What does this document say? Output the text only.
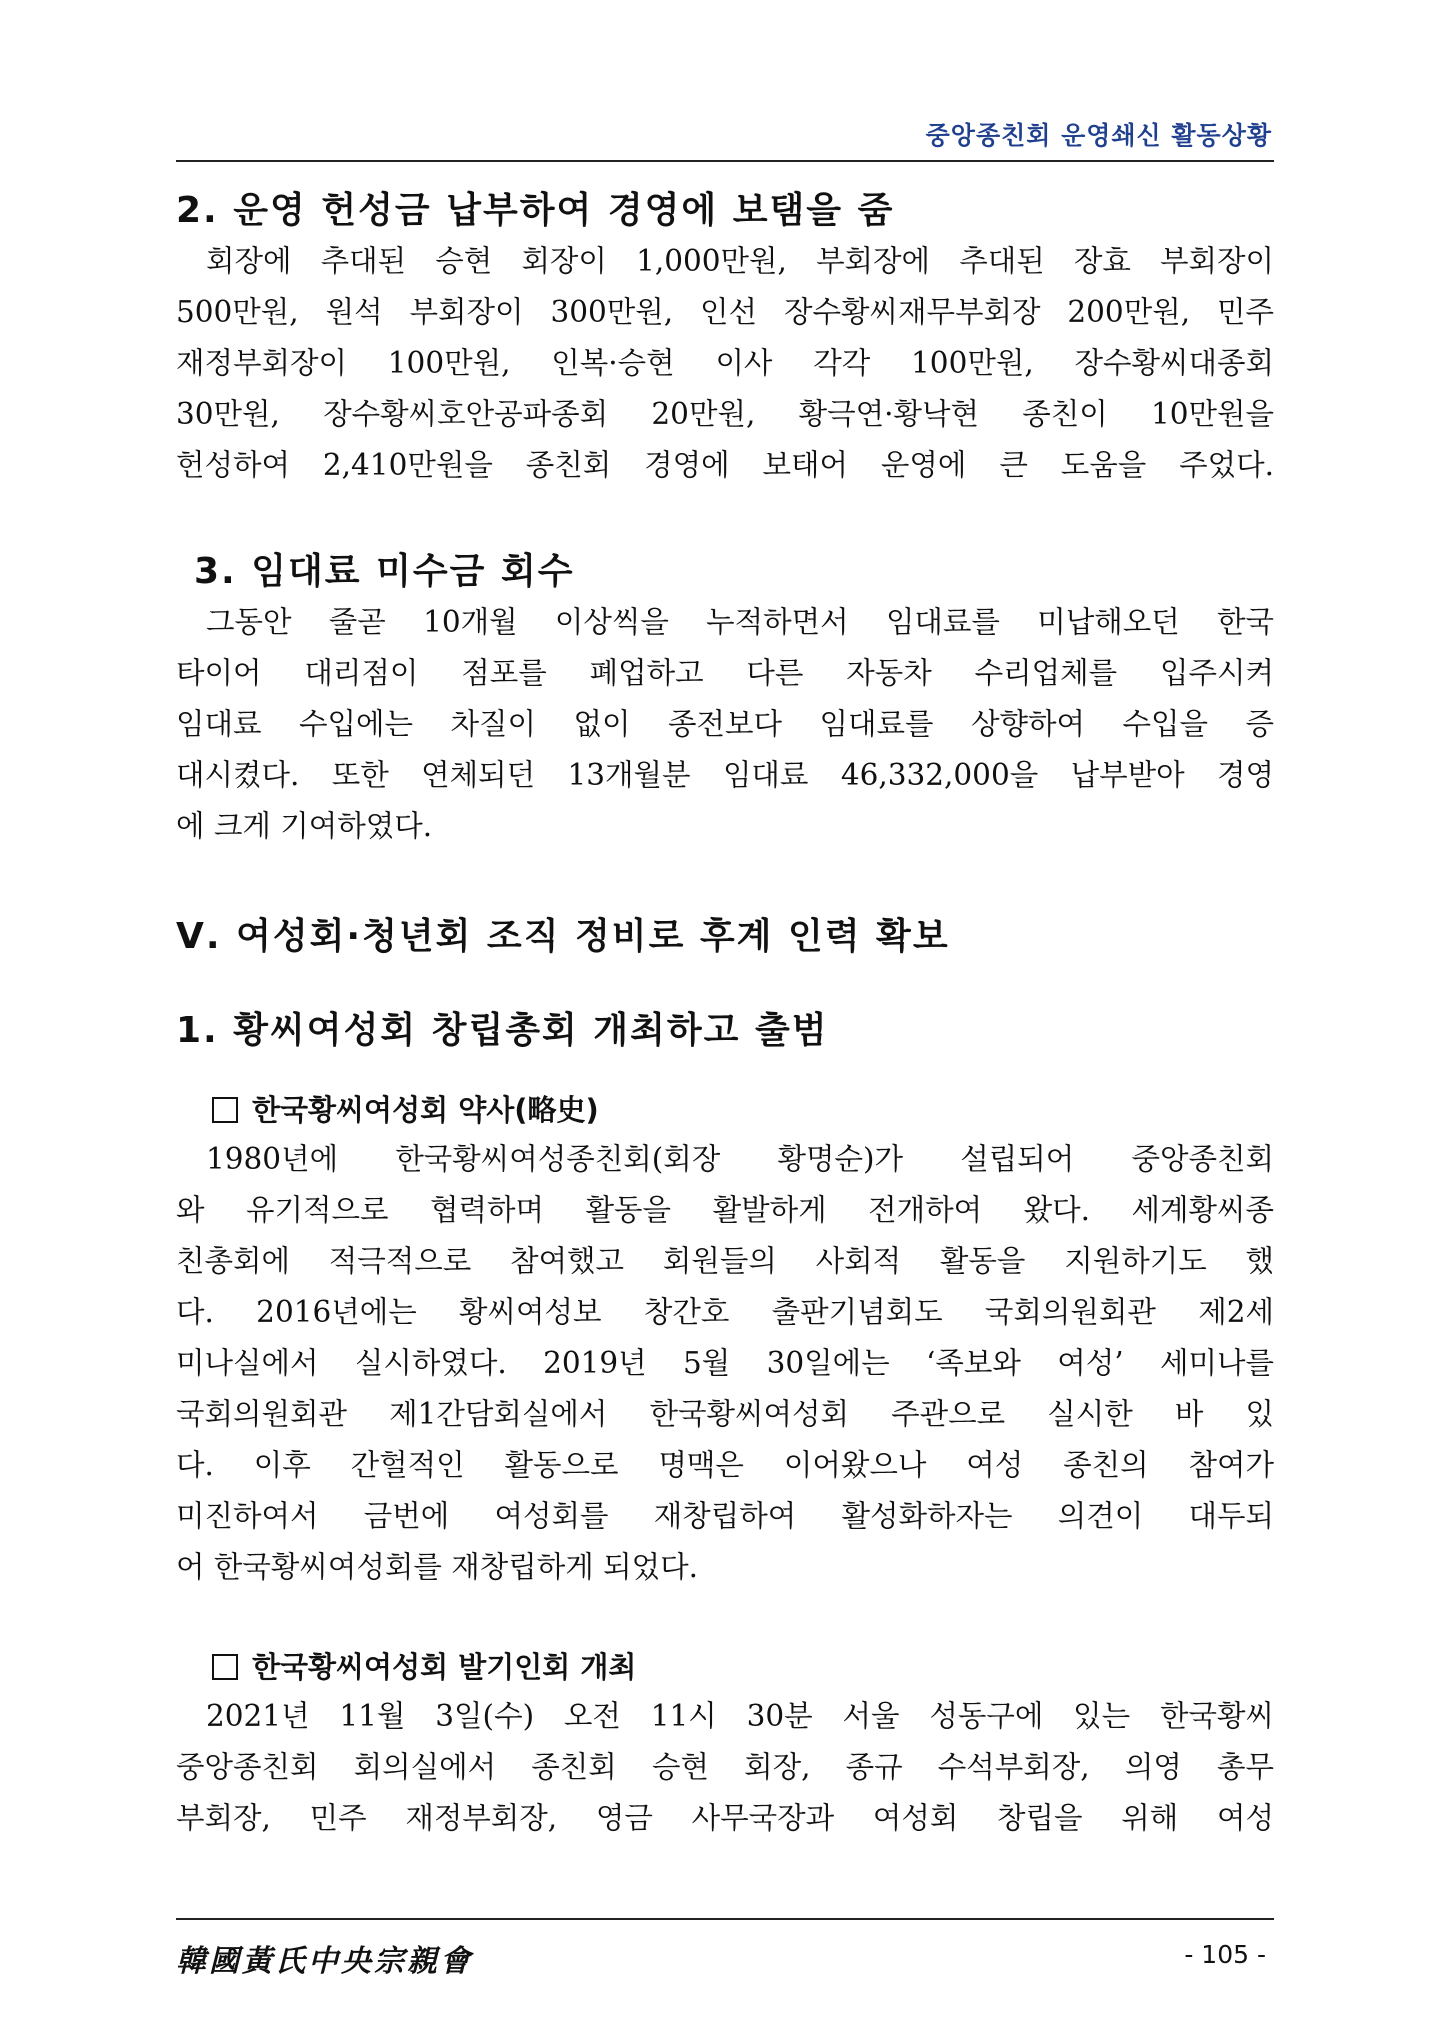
중앙종친회 운영쇄신 활동상황
2. 운영 헌성금 납부하여 경영에 보탬을 줌
회장에 추대된 승현 회장이 1,000만원, 부회장에 추대된 장효 부회장이
500만원, 원석 부회장이 300만원, 인선 장수황씨재무부회장 200만원, 민주
재정부회장이 100만원, 인복·승현 이사 각각 100만원, 장수황씨대종회
30만원, 장수황씨호안공파종회 20만원, 황극연·황낙현 종친이 10만원을
헌성하여 2,410만원을 종친회 경영에 보태어 운영에 큰 도움을 주었다.
3. 임대료 미수금 회수
그동안 줄곧 10개월 이상씩을 누적하면서 임대료를 미납해오던 한국
타이어 대리점이 점포를 폐업하고 다른 자동차 수리업체를 입주시켜
임대료 수입에는 차질이 없이 종전보다 임대료를 상향하여 수입을 증
대시켰다. 또한 연체되던 13개월분 임대료 46,332,000을 납부받아 경영
에 크게 기여하였다.
Ⅴ. 여성회·청년회 조직 정비로 후계 인력 확보
1. 황씨여성회 창립총회 개최하고 출범
한국황씨여성회 약사(略史)
1980년에 한국황씨여성종친회(회장 황명순)가 설립되어 중앙종친회
와 유기적으로 협력하며 활동을 활발하게 전개하여 왔다. 세계황씨종
친총회에 적극적으로 참여했고 회원들의 사회적 활동을 지원하기도 했
다. 2016년에는 황씨여성보 창간호 출판기념회도 국회의원회관 제2세
미나실에서 실시하였다. 2019년 5월 30일에는 ‘족보와 여성’ 세미나를
국회의원회관 제1간담회실에서 한국황씨여성회 주관으로 실시한 바 있
다. 이후 간헐적인 활동으로 명맥은 이어왔으나 여성 종친의 참여가
미진하여서 금번에 여성회를 재창립하여 활성화하자는 의견이 대두되
어 한국황씨여성회를 재창립하게 되었다.
한국황씨여성회 발기인회 개최
2021년 11월 3일(수) 오전 11시 30분 서울 성동구에 있는 한국황씨
중앙종친회 회의실에서 종친회 승현 회장, 종규 수석부회장, 의영 총무
부회장, 민주 재정부회장, 영금 사무국장과 여성회 창립을 위해 여성
韓國黃氏中央宗親會	- 105 -
